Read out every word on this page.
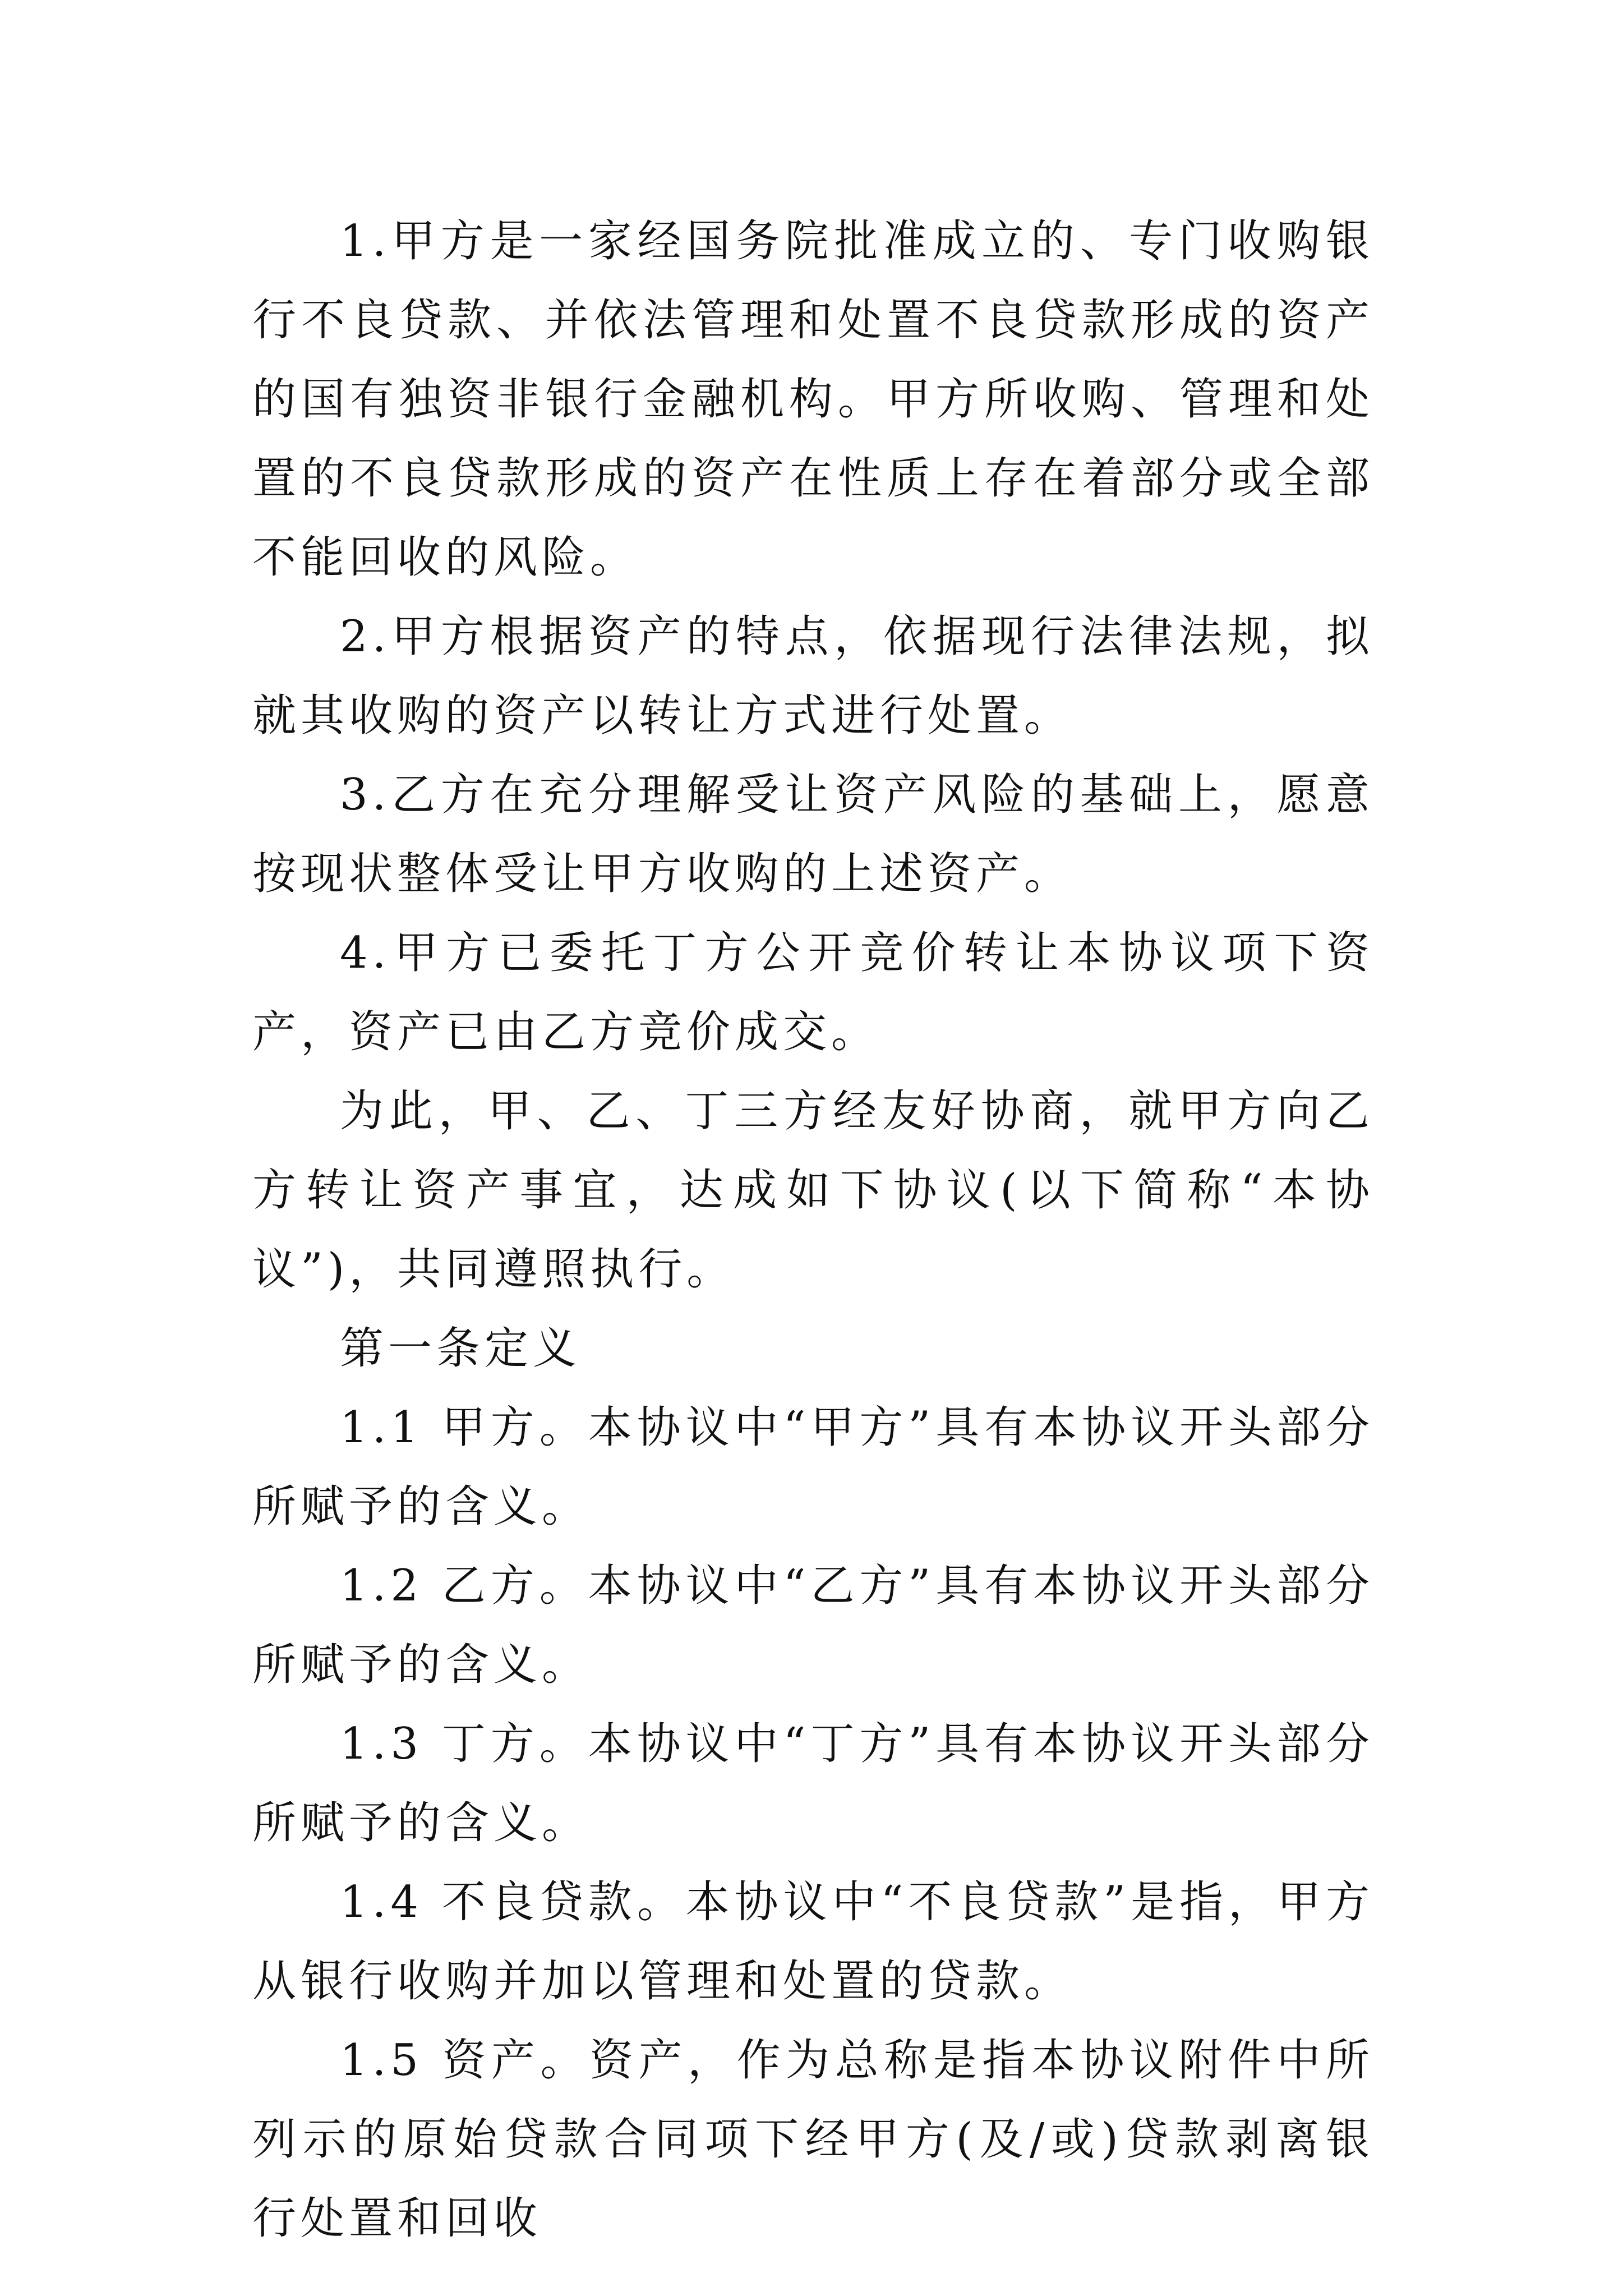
1.甲方是一家经国务院批准成立的、专门收购银行不良贷款、并依法管理和处置不良贷款形成的资产的国有独资非银行金融机构。甲方所收购、管理和处置的不良贷款形成的资产在性质上存在着部分或全部不能回收的风险。

2.甲方根据资产的特点，依据现行法律法规，拟就其收购的资产以转让方式进行处置。

3.乙方在充分理解受让资产风险的基础上，愿意按现状整体受让甲方收购的上述资产。

4.甲方已委托丁方公开竞价转让本协议项下资产，资产已由乙方竞价成交。

为此，甲、乙、丁三方经友好协商，就甲方向乙方转让资产事宜，达成如下协议(以下简称“本协议”)，共同遵照执行。

第一条定义

1.1 甲方。本协议中“甲方”具有本协议开头部分所赋予的含义。

1.2 乙方。本协议中“乙方”具有本协议开头部分所赋予的含义。

1.3 丁方。本协议中“丁方”具有本协议开头部分所赋予的含义。

1.4 不良贷款。本协议中“不良贷款”是指，甲方从银行收购并加以管理和处置的贷款。

1.5 资产。资产，作为总称是指本协议附件中所列示的原始贷款合同项下经甲方(及/或)贷款剥离银行处置和回收
